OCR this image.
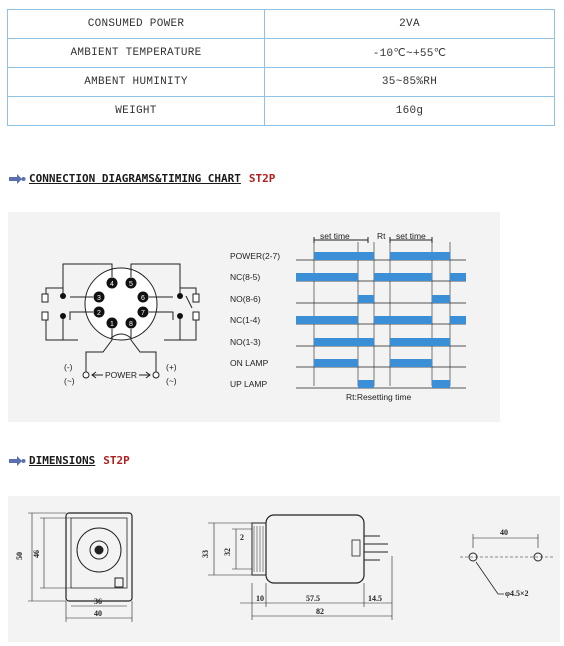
CONSUMED POWER	2VA
AMBIENT TEMPERATURE	-10℃~+55℃
AMBENT HUMINITY	35~85%RH
WEIGHT	160g
CONNECTION DIAGRAMS&TIMING CHART ST2P
4 5
3	6
2	7
1 8
POWER
(-)
(~)
(+)
(~)
set time	Rt set time
POWER(2-7)
NC(8-5)
NO(8-6)
NC(1-4)
NO(1-3)
ON LAMP
UP LAMP
Rt:Resetting time
DIMENSIONS ST2P
50 46
36
40
33 32
2
10	57.5	14.5
82
40
φ4.5×2
